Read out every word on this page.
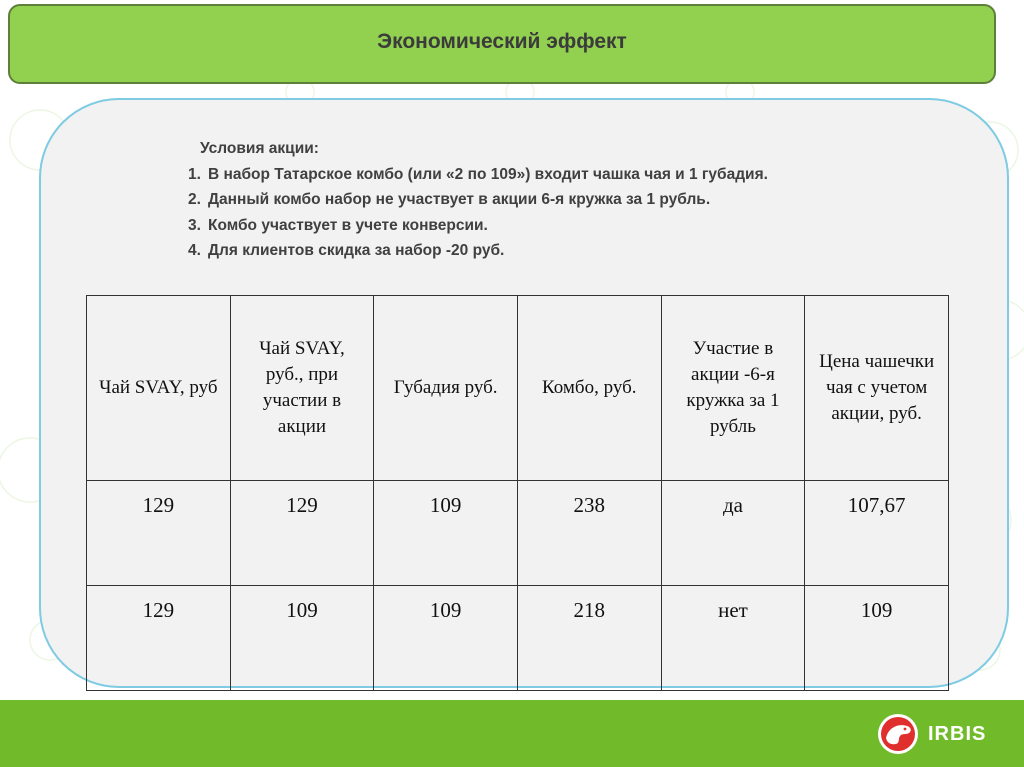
Экономический эффект
Условия акции:
1. В набор Татарское комбо (или «2 по 109») входит чашка чая и 1 губадия.
2. Данный комбо набор не участвует в акции 6-я кружка за 1 рубль.
3. Комбо участвует в учете конверсии.
4. Для клиентов скидка за набор -20 руб.
Чай SVAY, руб	Чай SVAY, руб., при участии в акции	Губадия руб.	Комбо, руб.	Участие в акции -6-я кружка за 1 рубль	Цена чашечки чая с учетом акции, руб.
129	129	109	238	да	107,67
129	109	109	218	нет	109
IRBIS
